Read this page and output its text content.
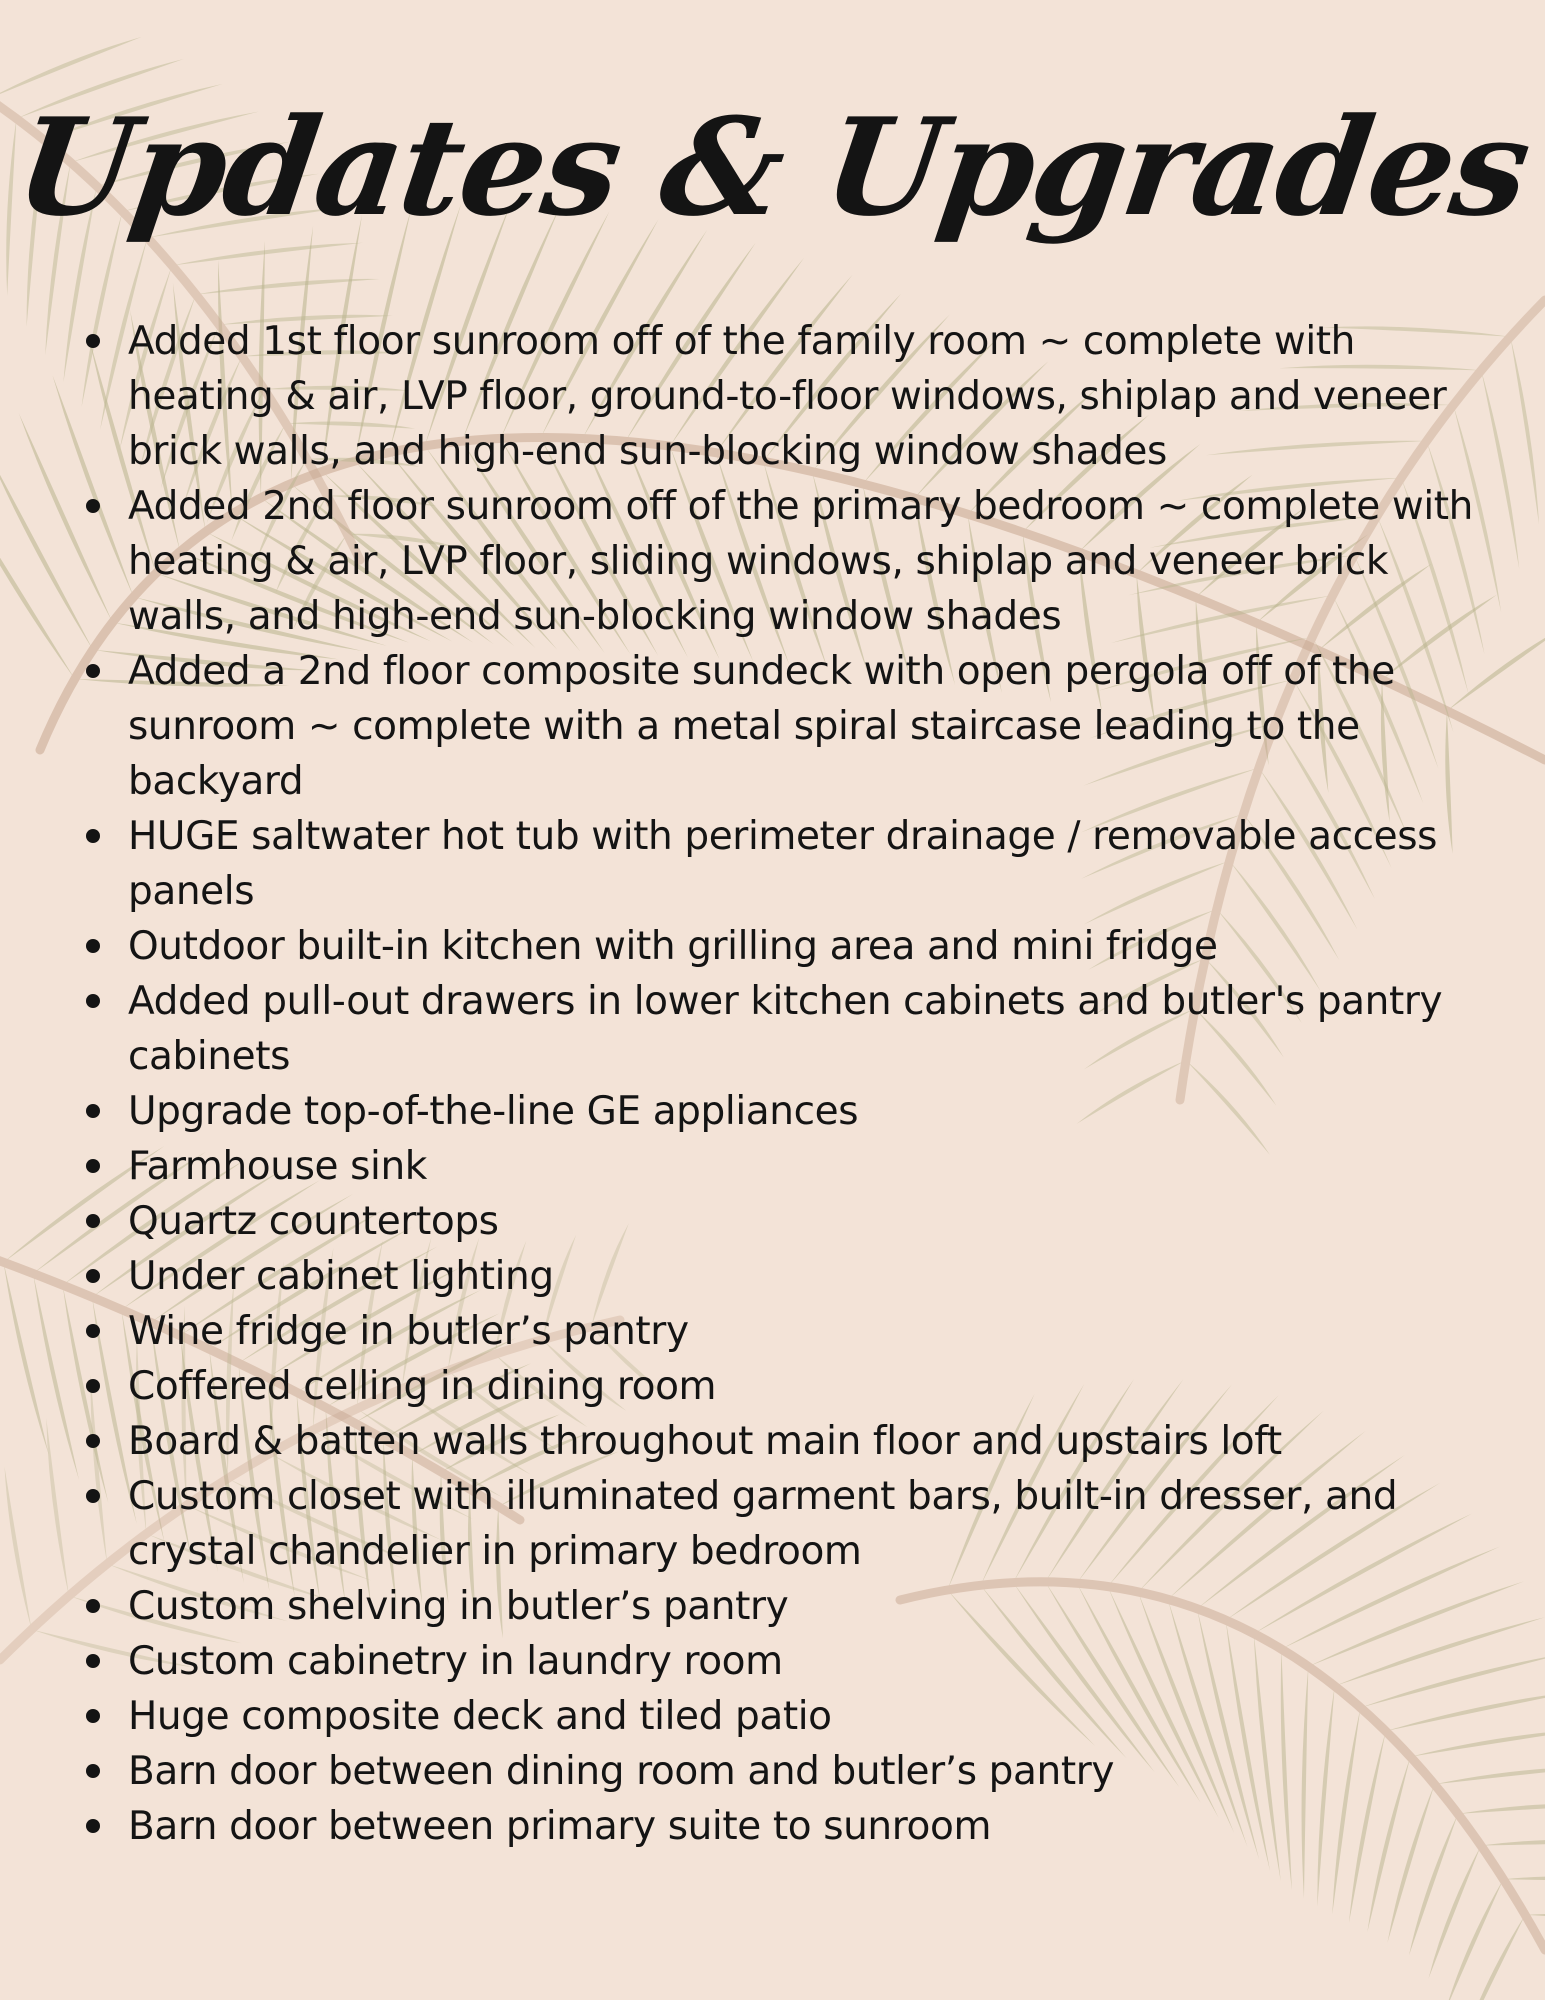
Updates & Upgrades
Added 1st floor sunroom off of the family room ~ complete with heating & air, LVP floor, ground-to-floor windows, shiplap and veneer brick walls, and high-end sun-blocking window shades
Added 2nd floor sunroom off of the primary bedroom ~ complete with heating & air, LVP floor, sliding windows, shiplap and veneer brick walls, and high-end sun-blocking window shades
Added a 2nd floor composite sundeck with open pergola off of the sunroom ~ complete with a metal spiral staircase leading to the backyard
HUGE saltwater hot tub with perimeter drainage / removable access panels
Outdoor built-in kitchen with grilling area and mini fridge
Added pull-out drawers in lower kitchen cabinets and butler's pantry cabinets
Upgrade top-of-the-line GE appliances
Farmhouse sink
Quartz countertops
Under cabinet lighting
Wine fridge in butler’s pantry
Coffered celling in dining room
Board & batten walls throughout main floor and upstairs loft
Custom closet with illuminated garment bars, built-in dresser, and crystal chandelier in primary bedroom
Custom shelving in butler’s pantry
Custom cabinetry in laundry room
Huge composite deck and tiled patio
Barn door between dining room and butler’s pantry
Barn door between primary suite to sunroom
